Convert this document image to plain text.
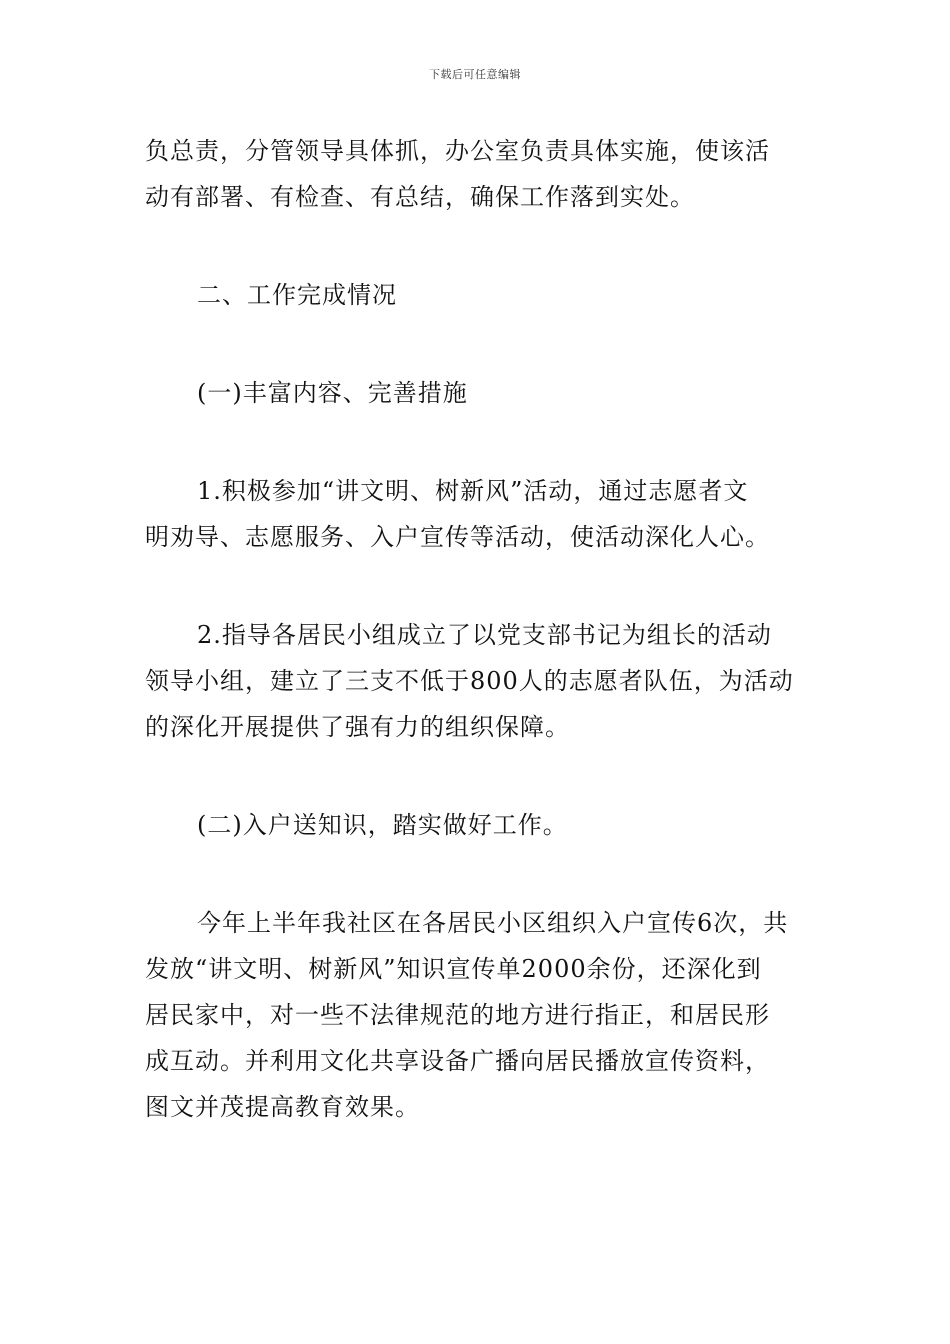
下载后可任意编辑

负总责，分管领导具体抓，办公室负责具体实施，使该活
动有部署、有检查、有总结，确保工作落到实处。

二、工作完成情况

(一)丰富内容、完善措施

1.积极参加“讲文明、树新风”活动，通过志愿者文
明劝导、志愿服务、入户宣传等活动，使活动深化人心。

2.指导各居民小组成立了以党支部书记为组长的活动
领导小组，建立了三支不低于800人的志愿者队伍，为活动
的深化开展提供了强有力的组织保障。

(二)入户送知识，踏实做好工作。

今年上半年我社区在各居民小区组织入户宣传6次，共
发放“讲文明、树新风”知识宣传单2000余份，还深化到
居民家中，对一些不法律规范的地方进行指正，和居民形
成互动。并利用文化共享设备广播向居民播放宣传资料，
图文并茂提高教育效果。
